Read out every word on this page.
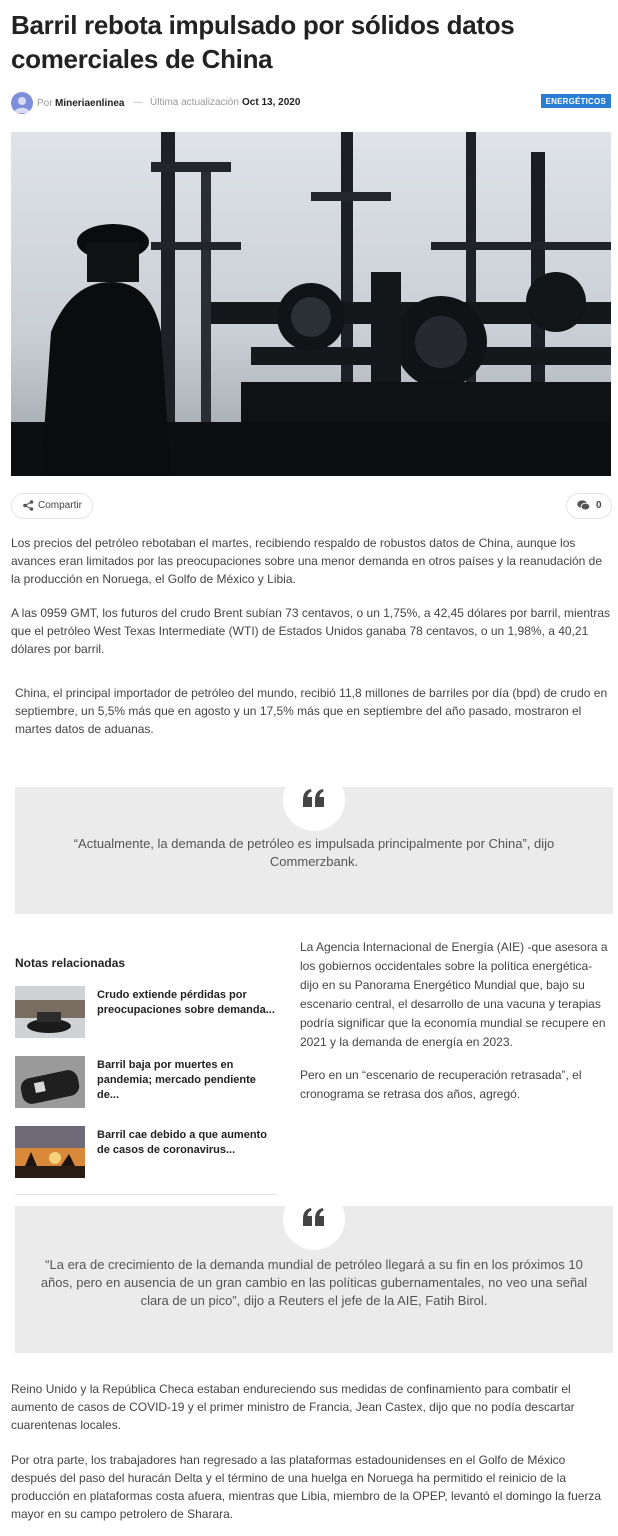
Barril rebota impulsado por sólidos datos comerciales de China
Por Mineriaenlinea — Última actualización Oct 13, 2020	ENERGÉTICOS
Compartir	0

Los precios del petróleo rebotaban el martes, recibiendo respaldo de robustos datos de China, aunque los avances eran limitados por las preocupaciones sobre una menor demanda en otros países y la reanudación de la producción en Noruega, el Golfo de México y Libia.

A las 0959 GMT, los futuros del crudo Brent subían 73 centavos, o un 1,75%, a 42,45 dólares por barril, mientras que el petróleo West Texas Intermediate (WTI) de Estados Unidos ganaba 78 centavos, o un 1,98%, a 40,21 dólares por barril.

China, el principal importador de petróleo del mundo, recibió 11,8 millones de barriles por día (bpd) de crudo en septiembre, un 5,5% más que en agosto y un 17,5% más que en septiembre del año pasado, mostraron el martes datos de aduanas.

“Actualmente, la demanda de petróleo es impulsada principalmente por China”, dijo Commerzbank.

Notas relacionadas

Crudo extiende pérdidas por preocupaciones sobre demanda...

Barril baja por muertes en pandemia; mercado pendiente de...

Barril cae debido a que aumento de casos de coronavirus...

La Agencia Internacional de Energía (AIE) -que asesora a los gobiernos occidentales sobre la política energética- dijo en su Panorama Energético Mundial que, bajo su escenario central, el desarrollo de una vacuna y terapias podría significar que la economía mundial se recupere en 2021 y la demanda de energía en 2023.

Pero en un “escenario de recuperación retrasada”, el cronograma se retrasa dos años, agregó.

“La era de crecimiento de la demanda mundial de petróleo llegará a su fin en los próximos 10 años, pero en ausencia de un gran cambio en las políticas gubernamentales, no veo una señal clara de un pico”, dijo a Reuters el jefe de la AIE, Fatih Birol.

Reino Unido y la República Checa estaban endureciendo sus medidas de confinamiento para combatir el aumento de casos de COVID-19 y el primer ministro de Francia, Jean Castex, dijo que no podía descartar cuarentenas locales.

Por otra parte, los trabajadores han regresado a las plataformas estadounidenses en el Golfo de México después del paso del huracán Delta y el término de una huelga en Noruega ha permitido el reinicio de la producción en plataformas costa afuera, mientras que Libia, miembro de la OPEP, levantó el domingo la fuerza mayor en su campo petrolero de Sharara.
